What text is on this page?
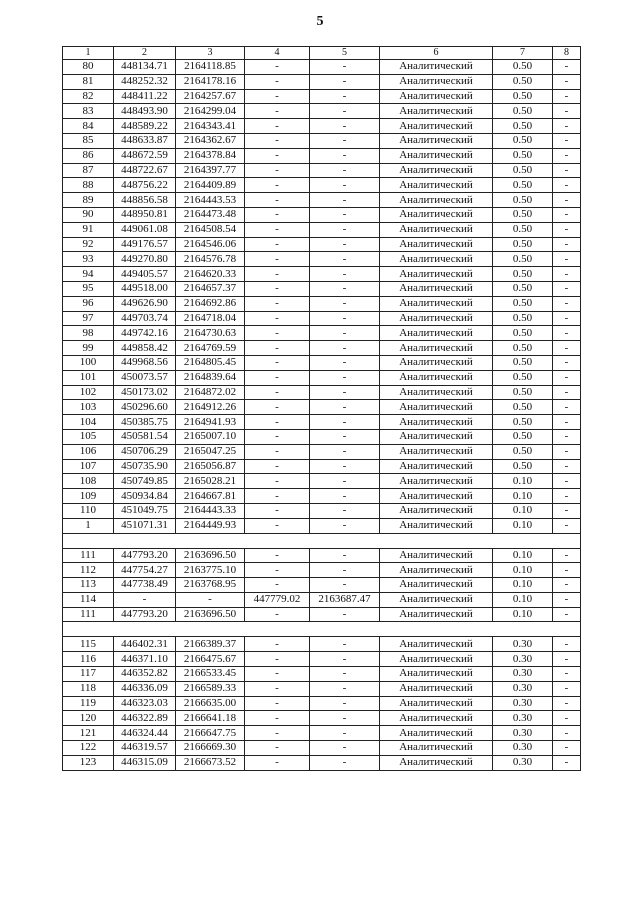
5
1	2	3	4	5	6	7	8
80	448134.71	2164118.85	-	-	Аналитический	0.50	-
81	448252.32	2164178.16	-	-	Аналитический	0.50	-
82	448411.22	2164257.67	-	-	Аналитический	0.50	-
83	448493.90	2164299.04	-	-	Аналитический	0.50	-
84	448589.22	2164343.41	-	-	Аналитический	0.50	-
85	448633.87	2164362.67	-	-	Аналитический	0.50	-
86	448672.59	2164378.84	-	-	Аналитический	0.50	-
87	448722.67	2164397.77	-	-	Аналитический	0.50	-
88	448756.22	2164409.89	-	-	Аналитический	0.50	-
89	448856.58	2164443.53	-	-	Аналитический	0.50	-
90	448950.81	2164473.48	-	-	Аналитический	0.50	-
91	449061.08	2164508.54	-	-	Аналитический	0.50	-
92	449176.57	2164546.06	-	-	Аналитический	0.50	-
93	449270.80	2164576.78	-	-	Аналитический	0.50	-
94	449405.57	2164620.33	-	-	Аналитический	0.50	-
95	449518.00	2164657.37	-	-	Аналитический	0.50	-
96	449626.90	2164692.86	-	-	Аналитический	0.50	-
97	449703.74	2164718.04	-	-	Аналитический	0.50	-
98	449742.16	2164730.63	-	-	Аналитический	0.50	-
99	449858.42	2164769.59	-	-	Аналитический	0.50	-
100	449968.56	2164805.45	-	-	Аналитический	0.50	-
101	450073.57	2164839.64	-	-	Аналитический	0.50	-
102	450173.02	2164872.02	-	-	Аналитический	0.50	-
103	450296.60	2164912.26	-	-	Аналитический	0.50	-
104	450385.75	2164941.93	-	-	Аналитический	0.50	-
105	450581.54	2165007.10	-	-	Аналитический	0.50	-
106	450706.29	2165047.25	-	-	Аналитический	0.50	-
107	450735.90	2165056.87	-	-	Аналитический	0.50	-
108	450749.85	2165028.21	-	-	Аналитический	0.10	-
109	450934.84	2164667.81	-	-	Аналитический	0.10	-
110	451049.75	2164443.33	-	-	Аналитический	0.10	-
1	451071.31	2164449.93	-	-	Аналитический	0.10	-

111	447793.20	2163696.50	-	-	Аналитический	0.10	-
112	447754.27	2163775.10	-	-	Аналитический	0.10	-
113	447738.49	2163768.95	-	-	Аналитический	0.10	-
114	-	-	447779.02	2163687.47	Аналитический	0.10	-
111	447793.20	2163696.50	-	-	Аналитический	0.10	-

115	446402.31	2166389.37	-	-	Аналитический	0.30	-
116	446371.10	2166475.67	-	-	Аналитический	0.30	-
117	446352.82	2166533.45	-	-	Аналитический	0.30	-
118	446336.09	2166589.33	-	-	Аналитический	0.30	-
119	446323.03	2166635.00	-	-	Аналитический	0.30	-
120	446322.89	2166641.18	-	-	Аналитический	0.30	-
121	446324.44	2166647.75	-	-	Аналитический	0.30	-
122	446319.57	2166669.30	-	-	Аналитический	0.30	-
123	446315.09	2166673.52	-	-	Аналитический	0.30	-
